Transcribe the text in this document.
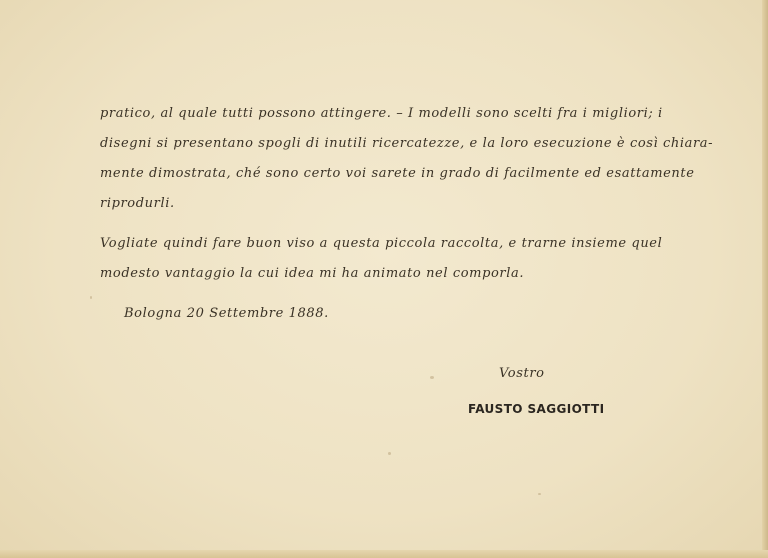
pratico, al quale tutti possono attingere. – I modelli sono scelti fra i migliori; i
disegni si presentano spogli di inutili ricercatezze, e la loro esecuzione è così chiara-
mente dimostrata, ché sono certo voi sarete in grado di facilmente ed esattamente
riprodurli.
Vogliate quindi fare buon viso a questa piccola raccolta, e trarne insieme quel
modesto vantaggio la cui idea mi ha animato nel comporla.
Bologna 20 Settembre 1888.
Vostro
FAUSTO SAGGIOTTI
